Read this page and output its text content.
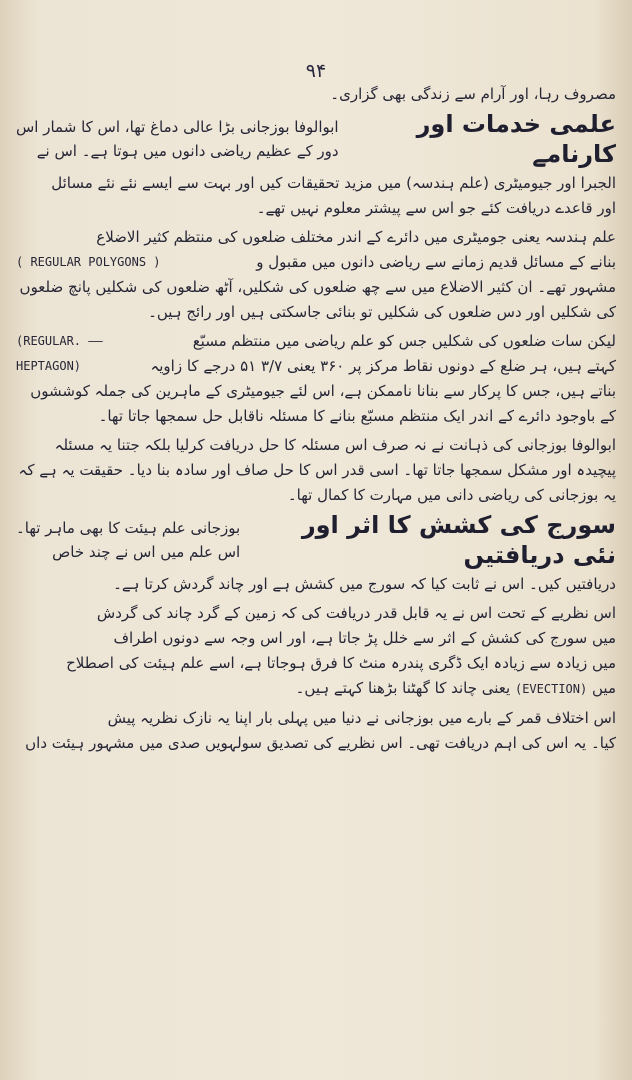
۹۴

مصروف رہا، اور آرام سے زندگی بھی گزاری۔

علمی خدمات اور کارنامے

ابوالوفا بوزجانی بڑا عالی دماغ تھا، اس کا شمار اس

دور کے عظیم ریاضی دانوں میں ہوتا ہے۔ اس نے

الجبرا اور جیومیٹری (علم ہندسہ) میں مزید تحقیقات کیں اور بہت سے ایسے نئے نئے مسائل

اور قاعدے دریافت کئے جو اس سے پیشتر معلوم نہیں تھے۔

علم ہندسہ یعنی جومیٹری میں دائرے کے اندر مختلف ضلعوں کی منتظم کثیر الاضلاع

بنانے کے مسائل قدیم زمانے سے ریاضی دانوں میں مقبول و
( REGULAR POLYGONS )

مشہور تھے۔ ان کثیر الاضلاع میں سے چھ ضلعوں کی شکلیں، آٹھ ضلعوں کی شکلیں پانچ ضلعوں

کی شکلیں اور دس ضلعوں کی شکلیں تو بنائی جاسکتی ہیں اور رائج ہیں۔

لیکن سات ضلعوں کی شکلیں جس کو علم ریاضی میں منتظم مسبّع
(REGULAR. ——
کہتے ہیں، ہر ضلع کے دونوں نقاط مرکز پر ۳۶۰ یعنی ۳/۷ ۵۱ درجے کا زاویہ
HEPTAGON)

بناتے ہیں، جس کا پرکار سے بنانا ناممکن ہے، اس لئے جیومیٹری کے ماہرین کی جملہ کوششوں

کے باوجود دائرے کے اندر ایک منتظم مسبّع بنانے کا مسئلہ ناقابل حل سمجھا جاتا تھا۔

ابوالوفا بوزجانی کی ذہانت نے نہ صرف اس مسئلہ کا حل دریافت کرلیا بلکہ جتنا یہ مسئلہ

پیچیدہ اور مشکل سمجھا جاتا تھا۔ اسی قدر اس کا حل صاف اور سادہ بنا دیا۔ حقیقت یہ ہے کہ

یہ بوزجانی کی ریاضی دانی میں مہارت کا کمال تھا۔

سورج کی کشش کا اثر اور نئی دریافتیں

بوزجانی علم ہیئت کا بھی ماہر تھا۔

اس علم میں اس نے چند خاص

دریافتیں کیں۔ اس نے ثابت کیا کہ سورج میں کشش ہے اور چاند گردش کرتا ہے۔

اس نظریے کے تحت اس نے یہ قابل قدر دریافت کی کہ زمین کے گرد چاند کی گردش

میں سورج کی کشش کے اثر سے خلل پڑ جاتا ہے، اور اس وجہ سے دونوں اطراف

میں زیادہ سے زیادہ ایک ڈگری پندرہ منٹ کا فرق ہوجاتا ہے، اسے علم ہیئت کی اصطلاح

میں (EVECTION) یعنی چاند کا گھٹنا بڑھنا کہتے ہیں۔

اس اختلاف قمر کے بارے میں بوزجانی نے دنیا میں پہلی بار اپنا یہ نازک نظریہ پیش

کیا۔ یہ اس کی اہم دریافت تھی۔ اس نظریے کی تصدیق سولہویں صدی میں مشہور ہیئت داں
